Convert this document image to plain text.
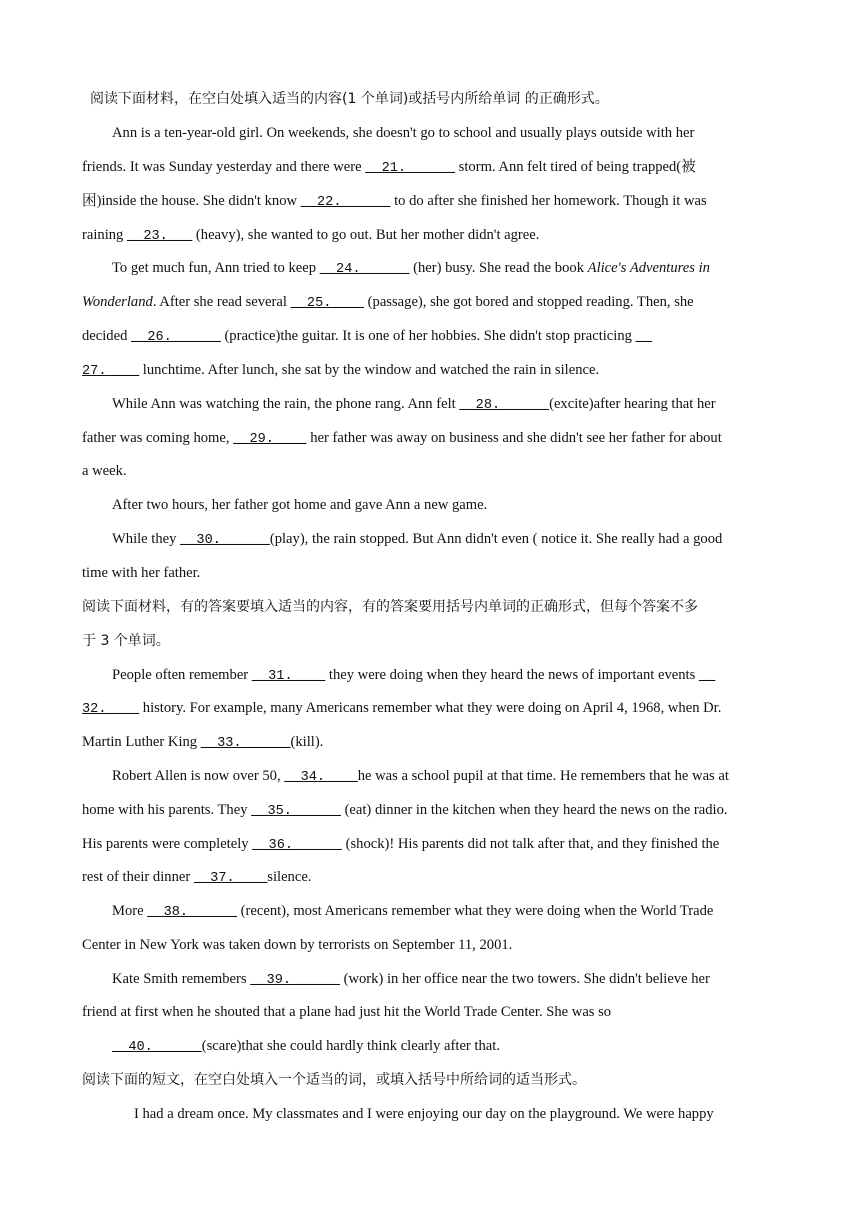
阅读下面材料，在空白处填入适当的内容(1 个单词)或括号内所给单词 的正确形式。
Ann is a ten-year-old girl. On weekends, she doesn't go to school and usually plays outside with her
friends. It was Sunday yesterday and there were __21.______ storm. Ann felt tired of being trapped(被
困)inside the house. She didn't know __22.______ to do after she finished her homework. Though it was
raining __23.___ (heavy), she wanted to go out. But her mother didn't agree.
To get much fun, Ann tried to keep __24.______ (her) busy. She read the book Alice's Adventures in
Wonderland. After she read several __25.____ (passage), she got bored and stopped reading. Then, she
decided __26.______ (practice)the guitar. It is one of her hobbies. She didn't stop practicing __
27.____ lunchtime. After lunch, she sat by the window and watched the rain in silence.
While Ann was watching the rain, the phone rang. Ann felt __28.______(excite)after hearing that her
father was coming home, __29.____ her father was away on business and she didn't see her father for about
a week.
After two hours, her father got home and gave Ann a new game.
While they __30.______(play), the rain stopped. But Ann didn't even ( notice it. She really had a good
time with her father.
阅读下面材料，有的答案要填入适当的内容，有的答案要用括号内单词的正确形式，但每个答案不多
于 3 个单词。
People often remember __31.____ they were doing when they heard the news of important events __
32.____ history. For example, many Americans remember what they were doing on April 4, 1968, when Dr.
Martin Luther King __33.______(kill).
Robert Allen is now over 50, __34.____he was a school pupil at that time. He remembers that he was at
home with his parents. They __35.______ (eat) dinner in the kitchen when they heard the news on the radio.
His parents were completely __36.______ (shock)! His parents did not talk after that, and they finished the
rest of their dinner __37.____silence.
More __38.______ (recent), most Americans remember what they were doing when the World Trade
Center in New York was taken down by terrorists on September 11, 2001.
Kate Smith remembers __39.______ (work) in her office near the two towers. She didn't believe her
friend at first when he shouted that a plane had just hit the World Trade Center. She was so
__40.______(scare)that she could hardly think clearly after that.
阅读下面的短文，在空白处填入一个适当的词，或填入括号中所给词的适当形式。
I had a dream once. My classmates and I were enjoying our day on the playground. We were happy
